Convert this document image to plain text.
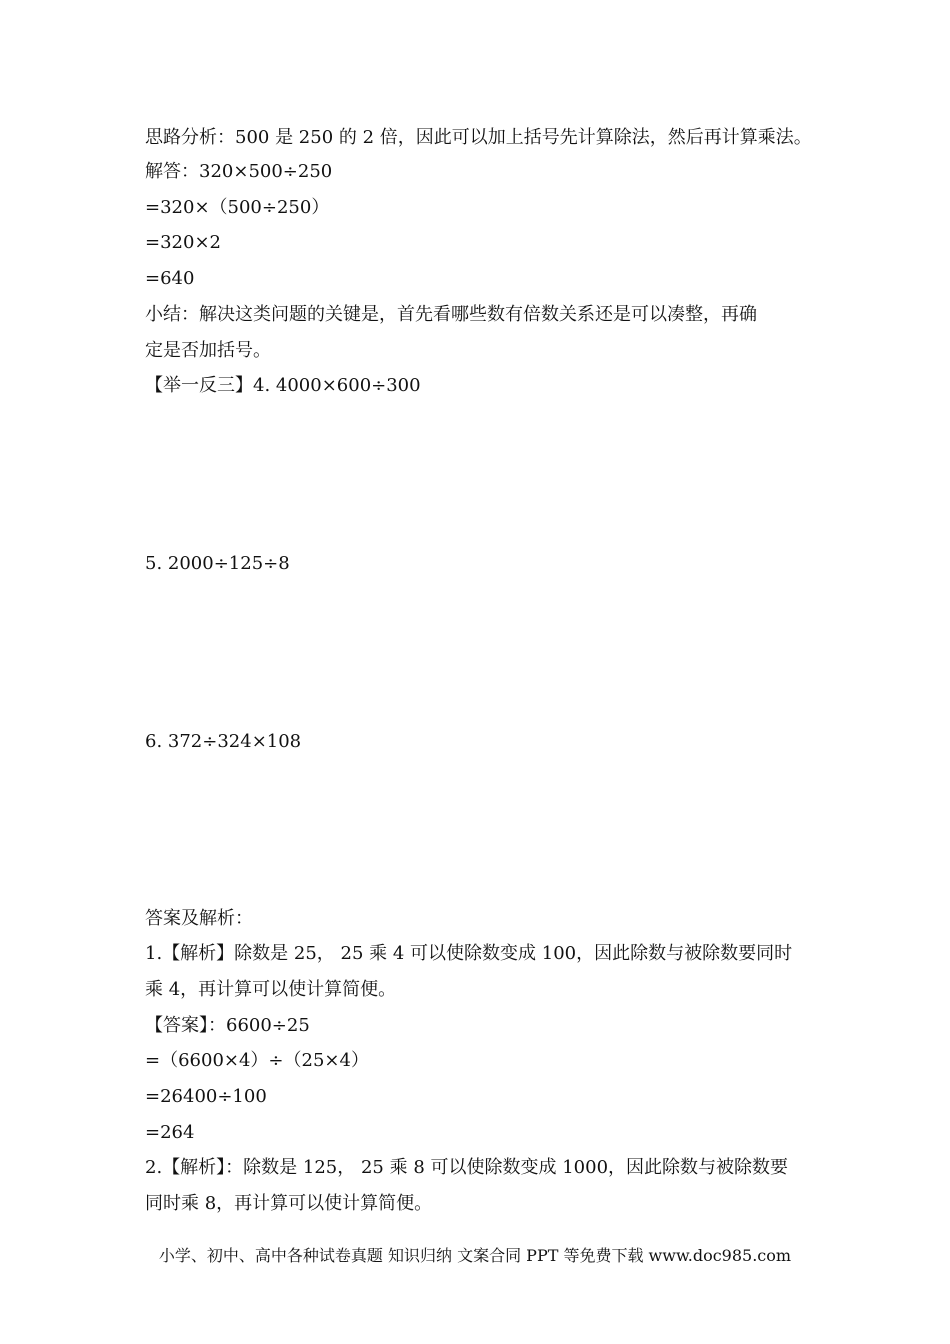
思路分析：500 是 250 的 2 倍，因此可以加上括号先计算除法，然后再计算乘法。
解答：320×500÷250
=320×（500÷250）
=320×2
=640
小结：解决这类问题的关键是，首先看哪些数有倍数关系还是可以凑整，再确
定是否加括号。
【举一反三】4. 4000×600÷300
5. 2000÷125÷8
6. 372÷324×108
答案及解析：
1.【解析】除数是 25， 25 乘 4 可以使除数变成 100，因此除数与被除数要同时
乘 4，再计算可以使计算简便。
【答案】：6600÷25
=（6600×4）÷（25×4）
=26400÷100
=264
2.【解析】：除数是 125， 25 乘 8 可以使除数变成 1000，因此除数与被除数要
同时乘 8，再计算可以使计算简便。
小学、初中、高中各种试卷真题 知识归纳 文案合同 PPT 等免费下载 www.doc985.com
